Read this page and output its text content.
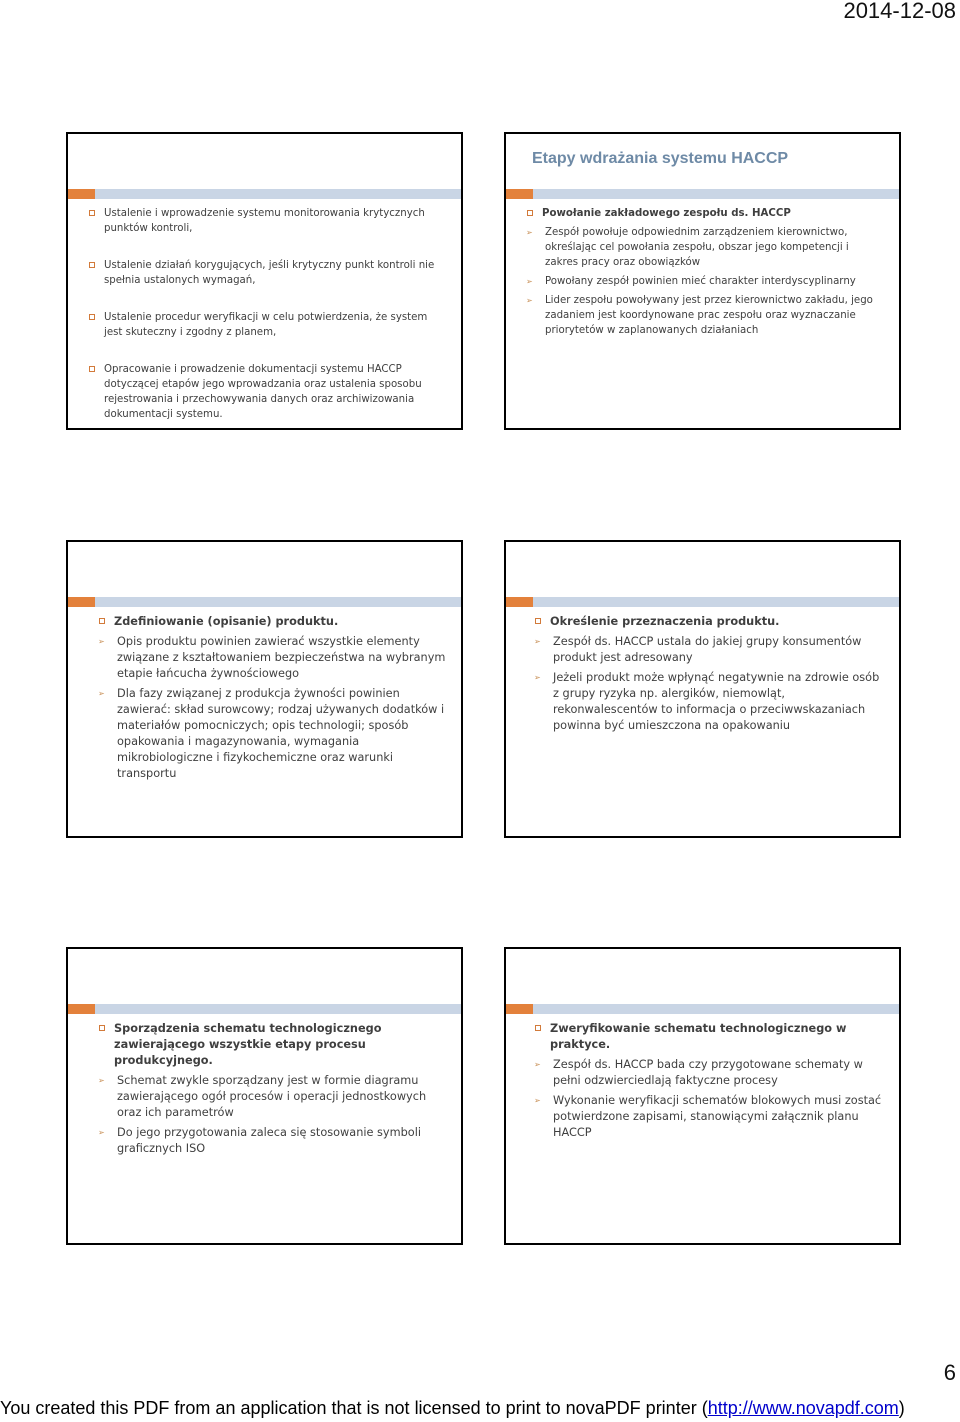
2014-12-08

Ustalenie i wprowadzenie systemu monitorowania krytycznych punktów kontroli,

Ustalenie działań korygujących, jeśli krytyczny punkt kontroli nie spełnia ustalonych wymagań,

Ustalenie procedur weryfikacji w celu potwierdzenia, że system jest skuteczny i zgodny z planem,

Opracowanie i prowadzenie dokumentacji systemu HACCP dotyczącej etapów jego wprowadzania oraz ustalenia sposobu rejestrowania i przechowywania danych oraz archiwizowania dokumentacji systemu.

Etapy wdrażania systemu HACCP

Powołanie zakładowego zespołu ds. HACCP

➢ Zespół powołuje odpowiednim zarządzeniem kierownictwo, określając cel powołania zespołu, obszar jego kompetencji i zakres pracy oraz obowiązków

➢ Powołany zespół powinien mieć charakter interdyscyplinarny

➢ Lider zespołu powoływany jest przez kierownictwo zakładu, jego zadaniem jest koordynowane prac zespołu oraz wyznaczanie priorytetów w zaplanowanych działaniach

Zdefiniowanie (opisanie) produktu.

➢ Opis produktu powinien zawierać wszystkie elementy związane z kształtowaniem bezpieczeństwa na wybranym etapie łańcucha żywnościowego

➢ Dla fazy związanej z produkcja żywności powinien zawierać: skład surowcowy; rodzaj używanych dodatków i materiałów pomocniczych; opis technologii; sposób opakowania i magazynowania, wymagania mikrobiologiczne i fizykochemiczne oraz warunki transportu

Określenie przeznaczenia produktu.

➢ Zespół ds. HACCP ustala do jakiej grupy konsumentów produkt jest adresowany

➢ Jeżeli produkt może wpłynąć negatywnie na zdrowie osób z grupy ryzyka np. alergików, niemowląt, rekonwalescentów to informacja o przeciwwskazaniach powinna być umieszczona na opakowaniu

Sporządzenia schematu technologicznego zawierającego wszystkie etapy procesu produkcyjnego.

➢ Schemat zwykle sporządzany jest w formie diagramu zawierającego ogół procesów i operacji jednostkowych oraz ich parametrów

➢ Do jego przygotowania zaleca się stosowanie symboli graficznych ISO

Zweryfikowanie schematu technologicznego w praktyce.

➢ Zespół ds. HACCP bada czy przygotowane schematy w pełni odzwierciedlają faktyczne procesy

➢ Wykonanie weryfikacji schematów blokowych musi zostać potwierdzone zapisami, stanowiącymi załącznik planu HACCP

6
You created this PDF from an application that is not licensed to print to novaPDF printer (http://www.novapdf.com)
